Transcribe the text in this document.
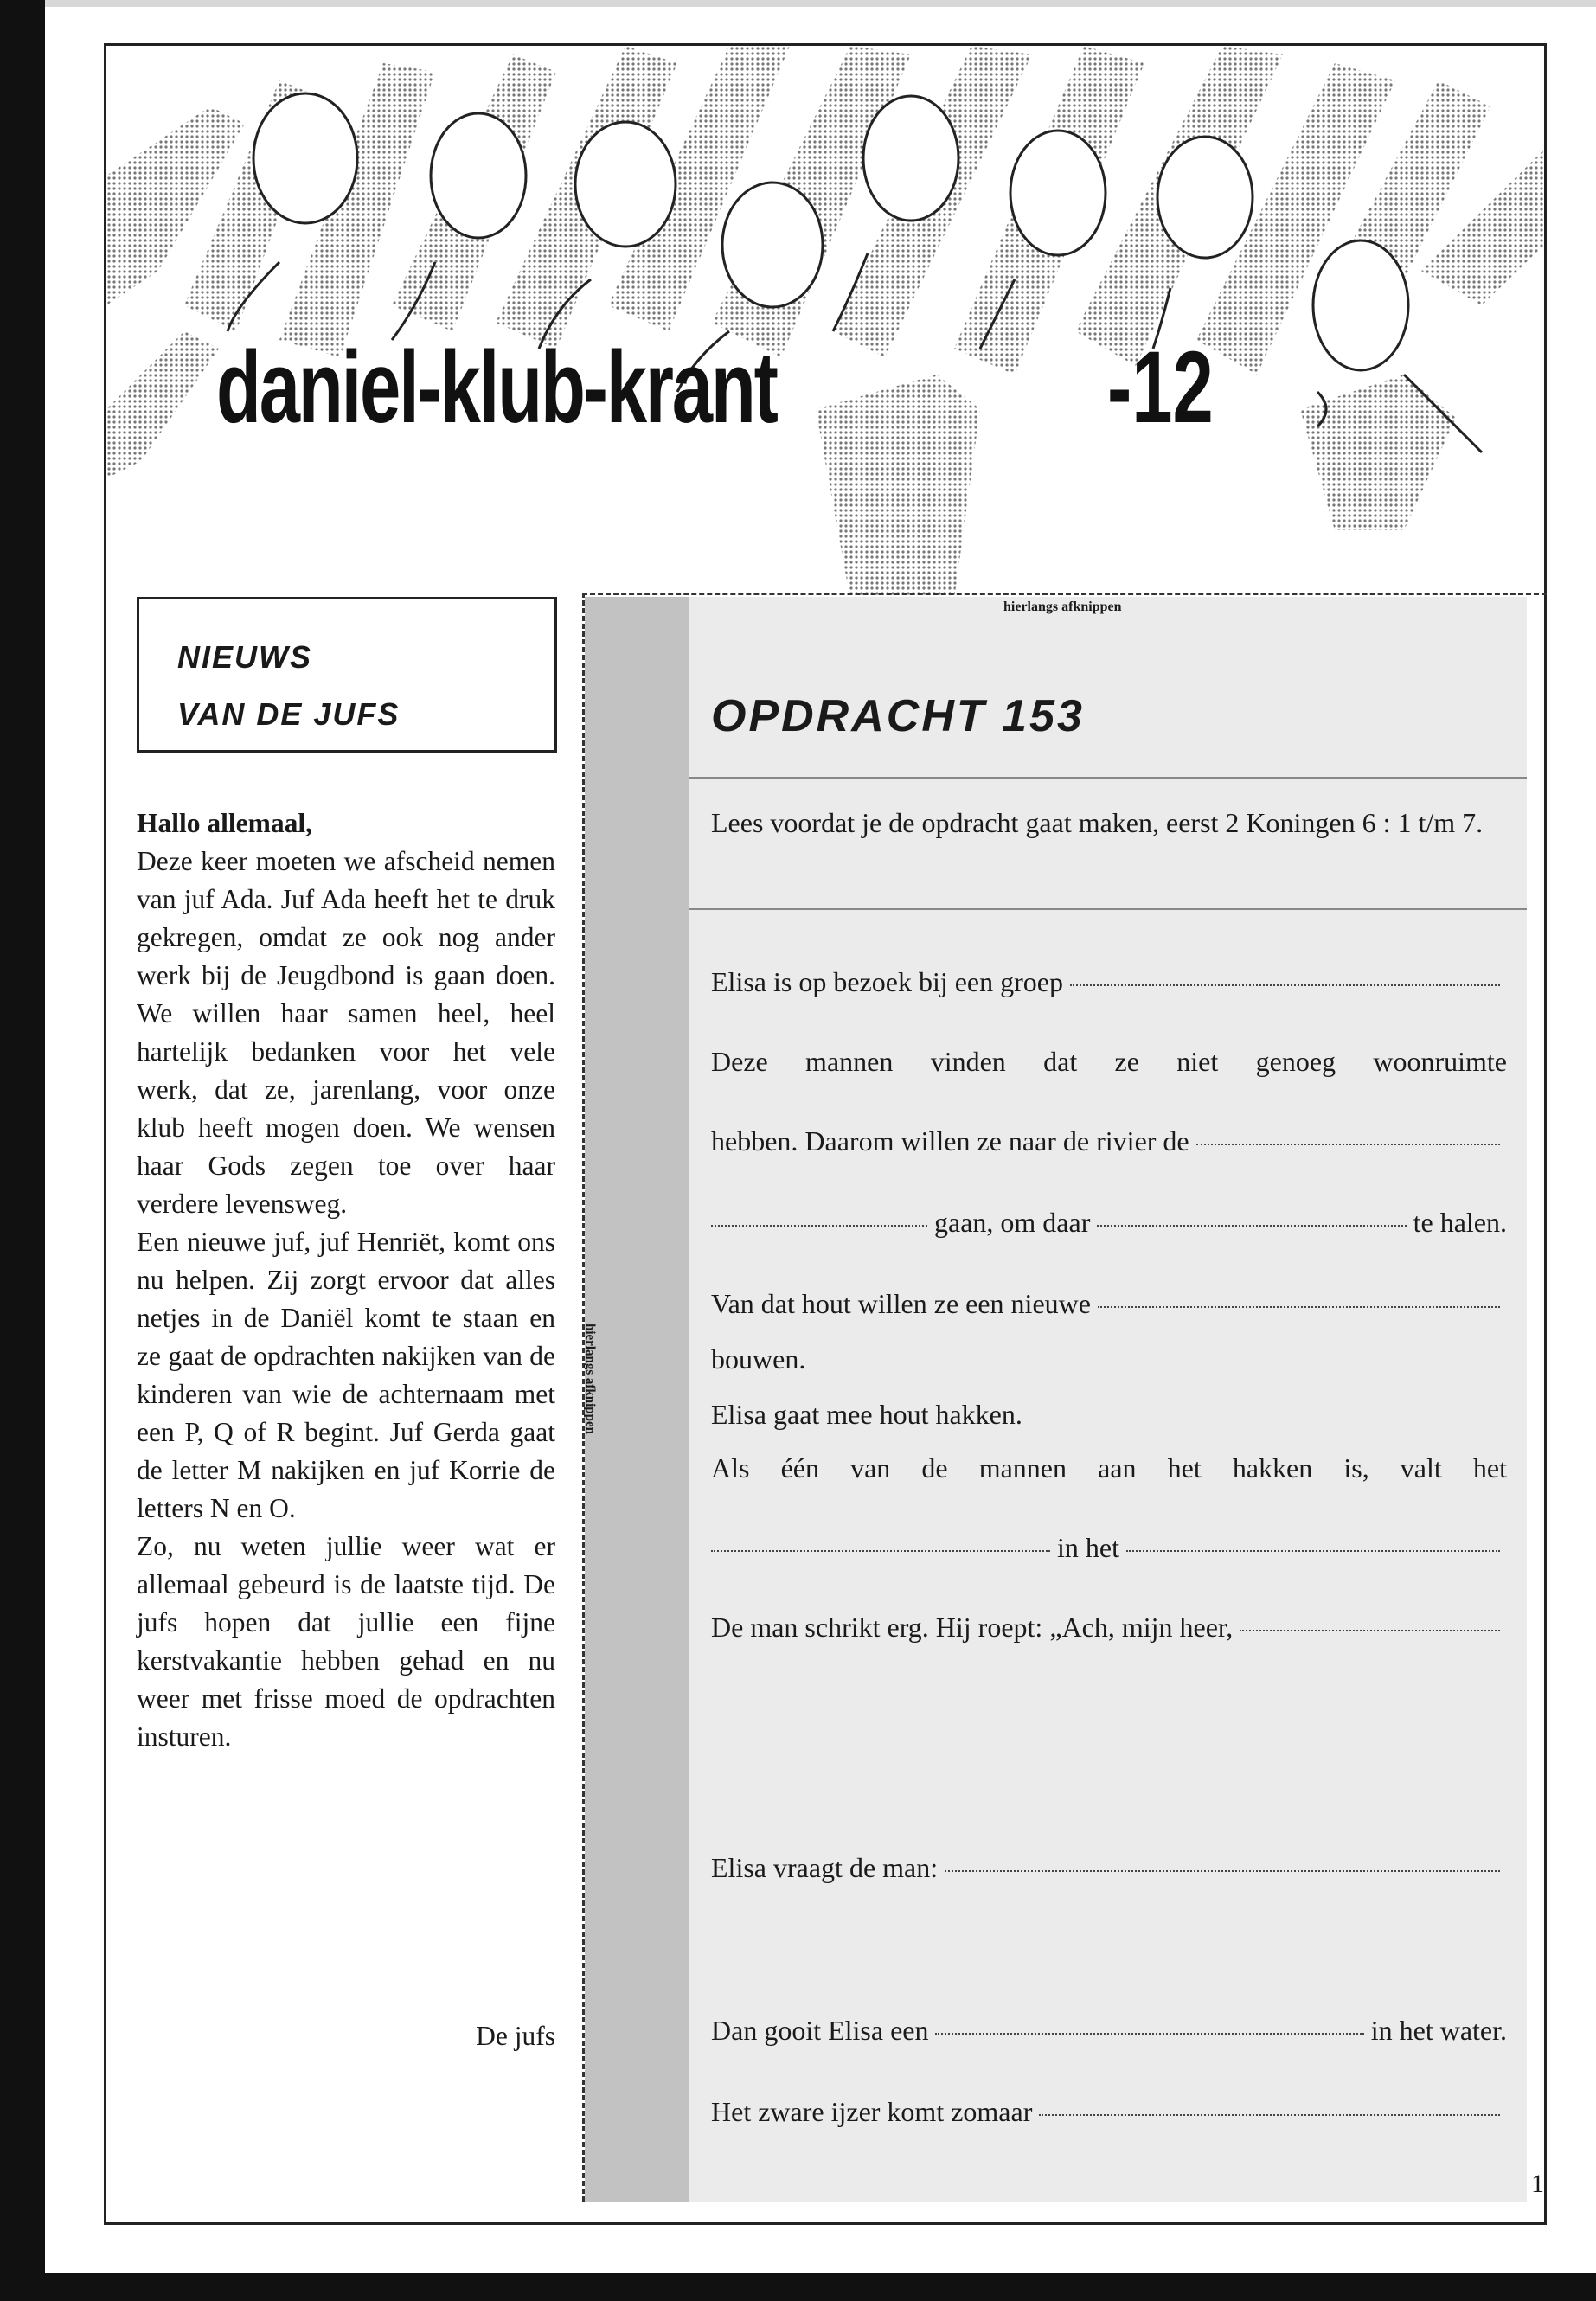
daniel-klub-krant	-12
NIEUWS
VAN DE JUFS

Hallo allemaal,

Deze keer moeten we afscheid nemen van juf Ada. Juf Ada heeft het te druk gekregen, omdat ze ook nog ander werk bij de Jeugdbond is gaan doen. We willen haar samen heel, heel hartelijk bedanken voor het vele werk, dat ze, jarenlang, voor onze klub heeft mogen doen. We wensen haar Gods zegen toe over haar verdere levensweg.

Een nieuwe juf, juf Henriët, komt ons nu helpen. Zij zorgt ervoor dat alles netjes in de Daniël komt te staan en ze gaat de opdrachten nakijken van de kinderen van wie de achternaam met een P, Q of R begint. Juf Gerda gaat de letter M nakijken en juf Korrie de letters N en O.

Zo, nu weten jullie weer wat er allemaal gebeurd is de laatste tijd. De jufs hopen dat jullie een fijne kerstvakantie hebben gehad en nu weer met frisse moed de opdrachten insturen.

De jufs
hierlangs afknippen
hierlangs afknippen
OPDRACHT 153
Lees voordat je de opdracht gaat maken, eerst 2 Koningen 6 : 1 t/m 7.
Elisa is op bezoek bij een groep
Deze mannen vinden dat ze niet genoeg woonruimte
hebben. Daarom willen ze naar de rivier de
gaan, om daar	te halen.
Van dat hout willen ze een nieuwe
bouwen.
Elisa gaat mee hout hakken.
Als één van de mannen aan het hakken is, valt het
in het
De man schrikt erg. Hij roept: „Ach, mijn heer,
Elisa vraagt de man:
Dan gooit Elisa een	in het water.
Het zware ijzer komt zomaar
1
